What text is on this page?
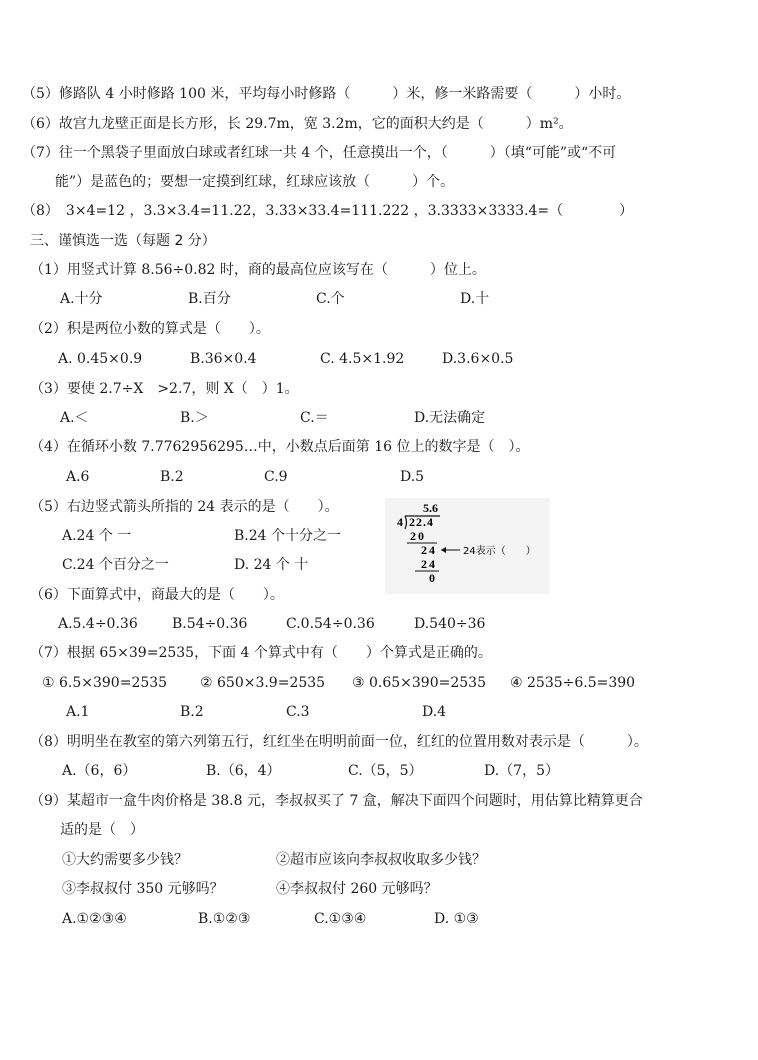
（5）修路队 4 小时修路 100 米，平均每小时修路（　　　）米，修一米路需要（　　　）小时。
（6）故宫九龙壁正面是长方形，长 29.7m，宽 3.2m，它的面积大约是（　　　）m²。
（7）往一个黑袋子里面放白球或者红球一共 4 个，任意摸出一个，（　　　）（填“可能”或“不可
能”）是蓝色的；要想一定摸到红球，红球应该放（　　　）个。
（8）　3×4=12 ，3.3×3.4=11.22，3.33×33.4=111.222 ，3.3333×3333.4=（　　　　）
三、谨慎选一选（每题 2 分）
（1）用竖式计算 8.56÷0.82 时，商的最高位应该写在（　　　）位上。
A.十分	B.百分	C.个	D.十
（2）积是两位小数的算式是（　　）。
A. 0.45×0.9	B.36×0.4	C. 4.5×1.92	D.3.6×0.5
（3）要使 2.7÷X　>2.7，则 X（　）1。
A.＜	B.＞	C.＝	D.无法确定
（4）在循环小数 7.7762956295…中，小数点后面第 16 位上的数字是（　）。
A.6	B.2	C.9	D.5
（5）右边竖式箭头所指的 24 表示的是（　　）。
A.24 个 一	B.24 个十分之一
C.24 个百分之一	D. 24 个 十
5.6
4 22.4
20
24	24表示（　　）
24
0
（6）下面算式中，商最大的是（　　）。
A.5.4÷0.36 B.54÷0.36	C.0.54÷0.36	D.540÷36
（7）根据 65×39=2535，下面 4 个算式中有（　　）个算式是正确的。
① 6.5×390=2535 ② 650×3.9=2535 ③ 0.65×390=2535 ④ 2535÷6.5=390
A.1	B.2	C.3	D.4
（8）明明坐在教室的第六列第五行，红红坐在明明前面一位，红红的位置用数对表示是（　　　）。
A.（6，6）	B.（6，4）	C.（5，5）	D.（7，5）
（9）某超市一盒牛肉价格是 38.8 元，李叔叔买了 7 盒，解决下面四个问题时，用估算比精算更合
适的是（　）
①大约需要多少钱？	②超市应该向李叔叔收取多少钱？
③李叔叔付 350 元够吗？	④李叔叔付 260 元够吗？
A.①②③④	B.①②③	C.①③④	D. ①③
